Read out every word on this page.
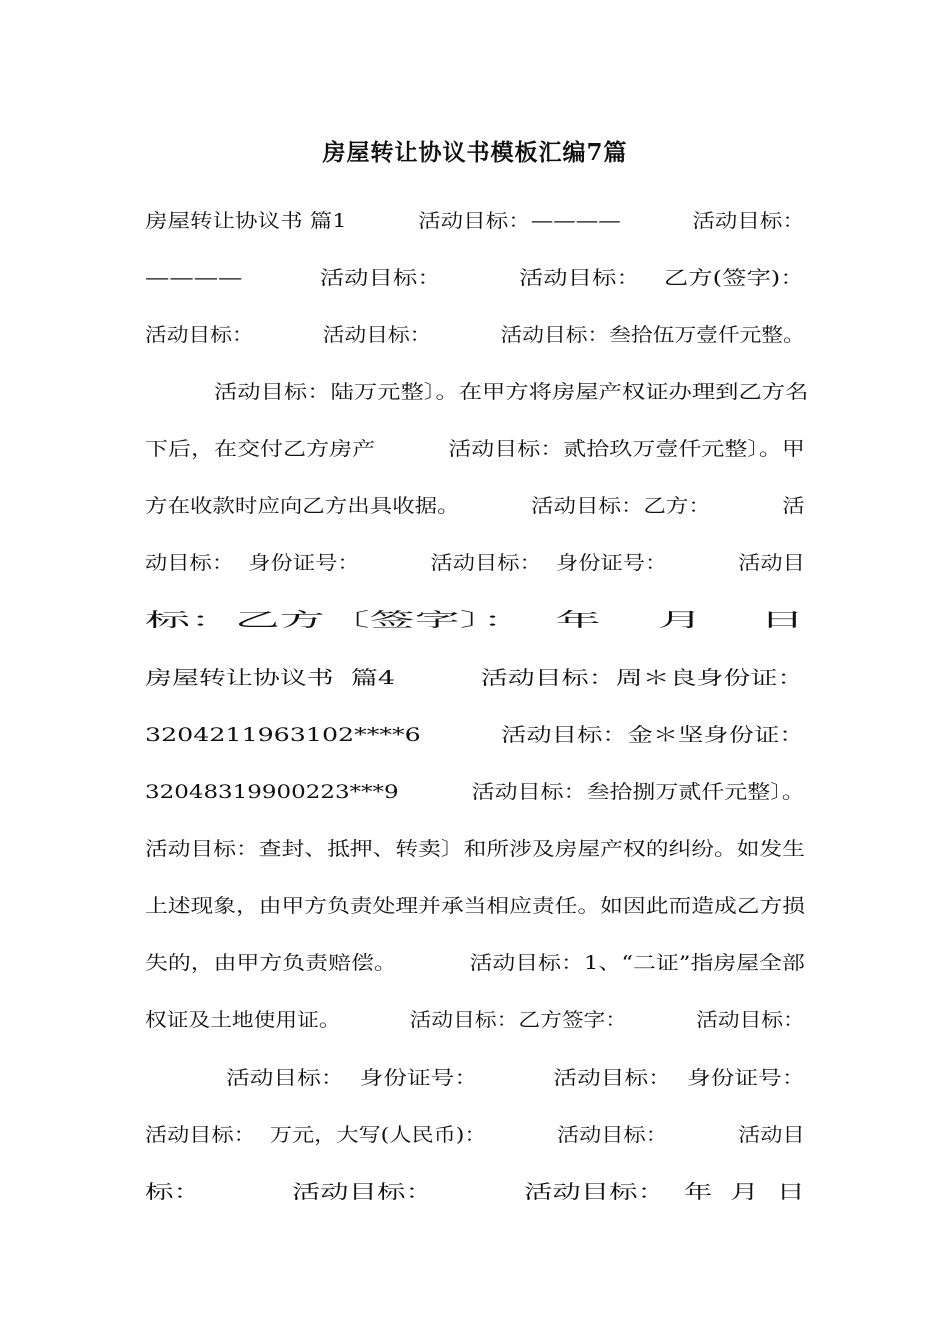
房屋转让协议书模板汇编7篇
房屋转让协议书 篇1          活动目标：————          活动目标：
————          活动目标：          活动目标：   乙方(签字)：
活动目标：          活动目标：          活动目标：叁拾伍万壹仟元整。
活动目标：陆万元整〕。在甲方将房屋产权证办理到乙方名
下后，在交付乙方房产          活动目标：贰拾玖万壹仟元整〕。甲
方在收款时应向乙方出具收据。          活动目标：乙方：          活
动目标：  身份证号：          活动目标：  身份证号：          活动目
标：乙方〔签字〕：  年    月    日
房屋转让协议书  篇4          活动目标：周＊良身份证：
3204211963102****6          活动目标：金＊坚身份证：
32048319900223***9          活动目标：叁拾捌万贰仟元整〕。
活动目标：查封、抵押、转卖〕和所涉及房屋产权的纠纷。如发生
上述现象，由甲方负责处理并承当相应责任。如因此而造成乙方损
失的，由甲方负责赔偿。          活动目标：1、“二证”指房屋全部
权证及土地使用证。          活动目标：乙方签字：          活动目标：
活动目标：  身份证号：          活动目标：  身份证号：
活动目标：  万元，大写(人民币)：          活动目标：          活动目
标：          活动目标：          活动目标：  年  月  日
